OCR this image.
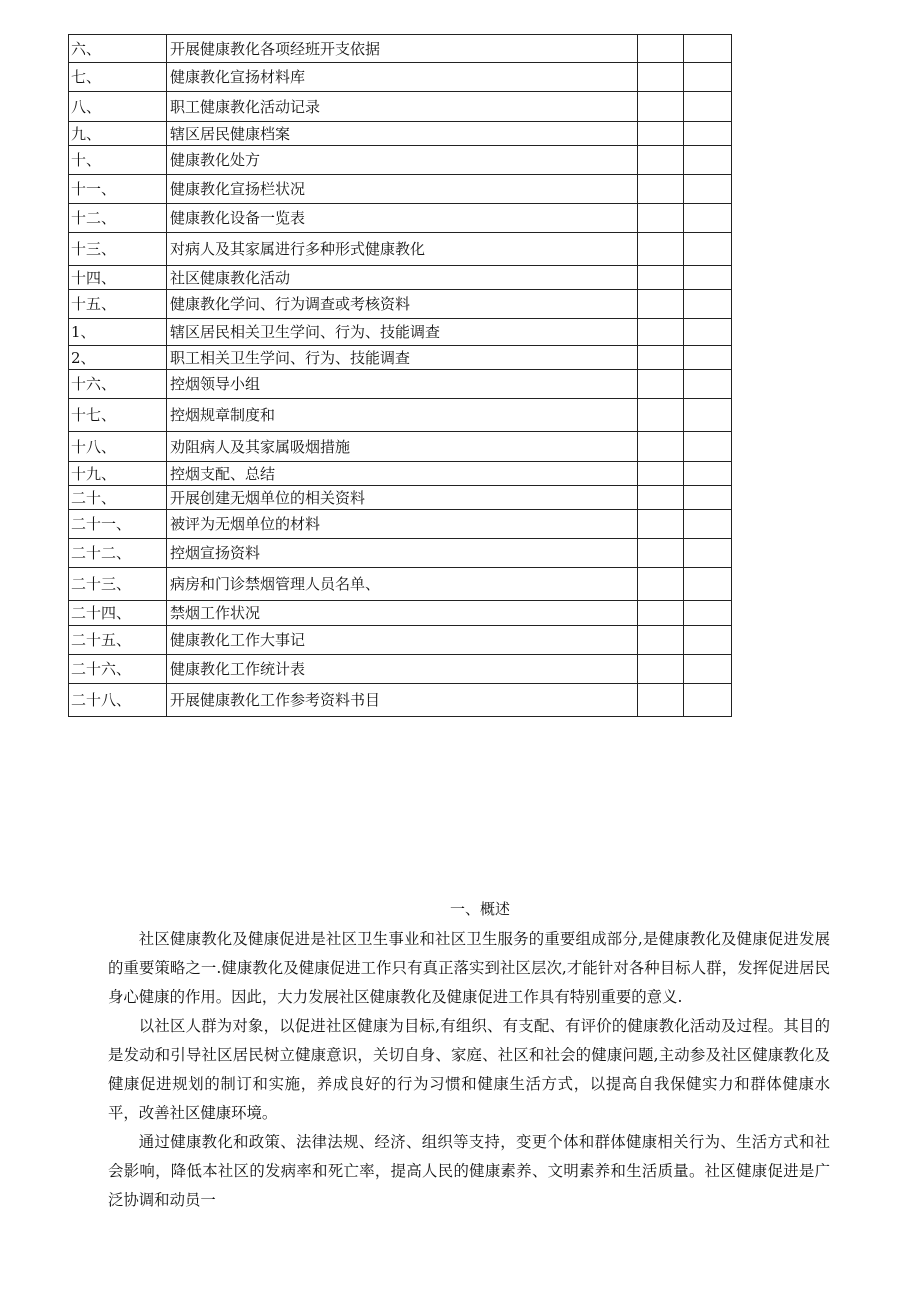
六、	开展健康教化各项经班开支依据		
七、	健康教化宣扬材料库		
八、	职工健康教化活动记录		
九、	辖区居民健康档案		
十、	健康教化处方		
十一、	健康教化宣扬栏状况		
十二、	健康教化设备一览表		
十三、	对病人及其家属进行多种形式健康教化		
十四、	社区健康教化活动		
十五、	健康教化学问、行为调查或考核资料		
1、	辖区居民相关卫生学问、行为、技能调查		
2、	职工相关卫生学问、行为、技能调查		
十六、	控烟领导小组		
十七、	控烟规章制度和		
十八、	劝阻病人及其家属吸烟措施		
十九、	控烟支配、总结		
二十、	开展创建无烟单位的相关资料		
二十一、	被评为无烟单位的材料		
二十二、	控烟宣扬资料		
二十三、	病房和门诊禁烟管理人员名单、		
二十四、	禁烟工作状况		
二十五、	健康教化工作大事记		
二十六、	健康教化工作统计表		
二十八、	开展健康教化工作参考资料书目		
一、概述

社区健康教化及健康促进是社区卫生事业和社区卫生服务的重要组成部分,是健康教化及健康促进发展的重要策略之一.健康教化及健康促进工作只有真正落实到社区层次,才能针对各种目标人群，发挥促进居民身心健康的作用。因此，大力发展社区健康教化及健康促进工作具有特别重要的意义.

以社区人群为对象，以促进社区健康为目标,有组织、有支配、有评价的健康教化活动及过程。其目的是发动和引导社区居民树立健康意识，关切自身、家庭、社区和社会的健康问题,主动参及社区健康教化及健康促进规划的制订和实施，养成良好的行为习惯和健康生活方式，以提高自我保健实力和群体健康水平，改善社区健康环境。

通过健康教化和政策、法律法规、经济、组织等支持，变更个体和群体健康相关行为、生活方式和社会影响，降低本社区的发病率和死亡率，提高人民的健康素养、文明素养和生活质量。社区健康促进是广泛协调和动员一
